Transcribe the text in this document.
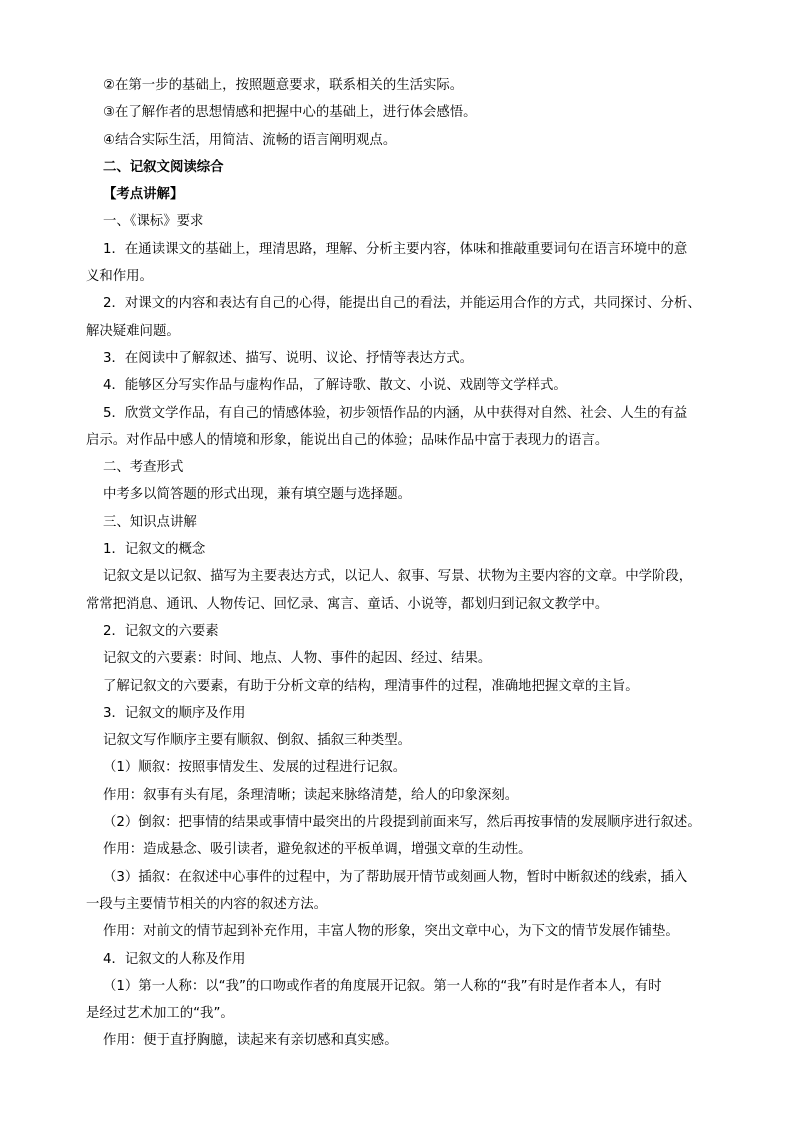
②在第一步的基础上，按照题意要求，联系相关的生活实际。
③在了解作者的思想情感和把握中心的基础上，进行体会感悟。
④结合实际生活，用简洁、流畅的语言阐明观点。
二、记叙文阅读综合
【考点讲解】
一、《课标》要求
1．在通读课文的基础上，理清思路，理解、分析主要内容，体味和推敲重要词句在语言环境中的意
义和作用。
2．对课文的内容和表达有自己的心得，能提出自己的看法，并能运用合作的方式，共同探讨、分析、
解决疑难问题。
3．在阅读中了解叙述、描写、说明、议论、抒情等表达方式。
4．能够区分写实作品与虚构作品，了解诗歌、散文、小说、戏剧等文学样式。
5．欣赏文学作品，有自己的情感体验，初步领悟作品的内涵，从中获得对自然、社会、人生的有益
启示。对作品中感人的情境和形象，能说出自己的体验；品味作品中富于表现力的语言。
二、考查形式
中考多以简答题的形式出现，兼有填空题与选择题。
三、知识点讲解
1．记叙文的概念
记叙文是以记叙、描写为主要表达方式，以记人、叙事、写景、状物为主要内容的文章。中学阶段，
常常把消息、通讯、人物传记、回忆录、寓言、童话、小说等，都划归到记叙文教学中。
2．记叙文的六要素
记叙文的六要素：时间、地点、人物、事件的起因、经过、结果。
了解记叙文的六要素，有助于分析文章的结构，理清事件的过程，准确地把握文章的主旨。
3．记叙文的顺序及作用
记叙文写作顺序主要有顺叙、倒叙、插叙三种类型。
（1）顺叙：按照事情发生、发展的过程进行记叙。
作用：叙事有头有尾，条理清晰；读起来脉络清楚，给人的印象深刻。
（2）倒叙：把事情的结果或事情中最突出的片段提到前面来写，然后再按事情的发展顺序进行叙述。
作用：造成悬念、吸引读者，避免叙述的平板单调，增强文章的生动性。
（3）插叙：在叙述中心事件的过程中，为了帮助展开情节或刻画人物，暂时中断叙述的线索，插入
一段与主要情节相关的内容的叙述方法。
作用：对前文的情节起到补充作用，丰富人物的形象，突出文章中心，为下文的情节发展作铺垫。
4．记叙文的人称及作用
（1）第一人称：以“我”的口吻或作者的角度展开记叙。第一人称的“我”有时是作者本人，有时
是经过艺术加工的“我”。
作用：便于直抒胸臆，读起来有亲切感和真实感。
